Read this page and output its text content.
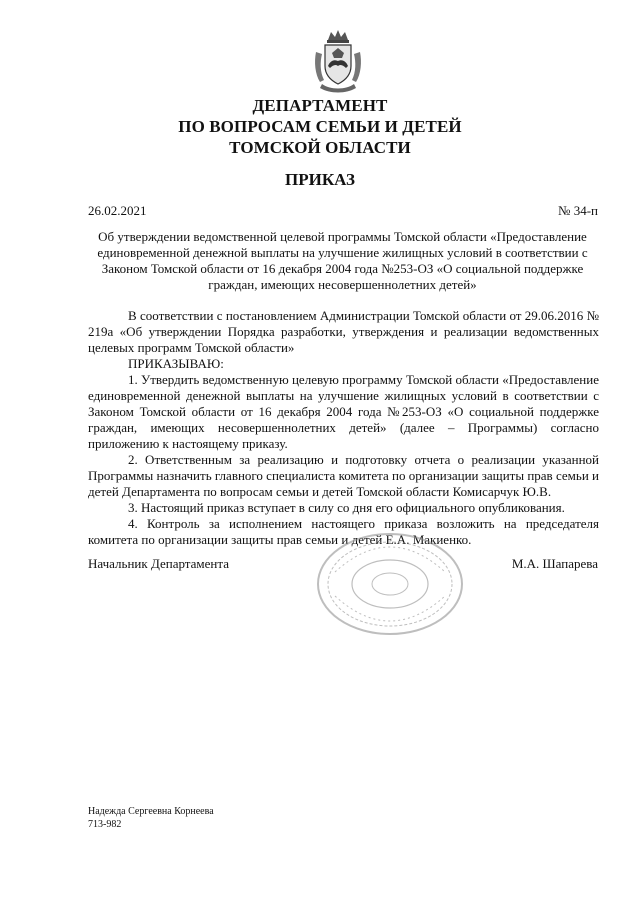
ДЕПАРТАМЕНТ
ПО ВОПРОСАМ СЕМЬИ И ДЕТЕЙ
ТОМСКОЙ ОБЛАСТИ
ПРИКАЗ
26.02.2021	№ 34-п
Об утверждении ведомственной целевой программы Томской области «Предоставление единовременной денежной выплаты на улучшение жилищных условий в соответствии с Законом Томской области от 16 декабря 2004 года №253-ОЗ «О социальной поддержке граждан, имеющих несовершеннолетних детей»

В соответствии с постановлением Администрации Томской области от 29.06.2016 № 219а «Об утверждении Порядка разработки, утверждения и реализации ведомственных целевых программ Томской области»

ПРИКАЗЫВАЮ:

1. Утвердить ведомственную целевую программу Томской области «Предоставление единовременной денежной выплаты на улучшение жилищных условий в соответствии с Законом Томской области от 16 декабря 2004 года №253-ОЗ «О социальной поддержке граждан, имеющих несовершеннолетних детей» (далее – Программы) согласно приложению к настоящему приказу.

2. Ответственным за реализацию и подготовку отчета о реализации указанной Программы назначить главного специалиста комитета по организации защиты прав семьи и детей Департамента по вопросам семьи и детей Томской области Комисарчук Ю.В.

3. Настоящий приказ вступает в силу со дня его официального опубликования.

4. Контроль за исполнением настоящего приказа возложить на председателя комитета по организации защиты прав семьи и детей Е.А. Макиенко.

Начальник Департамента	М.А. Шапарева
Надежда Сергеевна Корнеева
713-982
